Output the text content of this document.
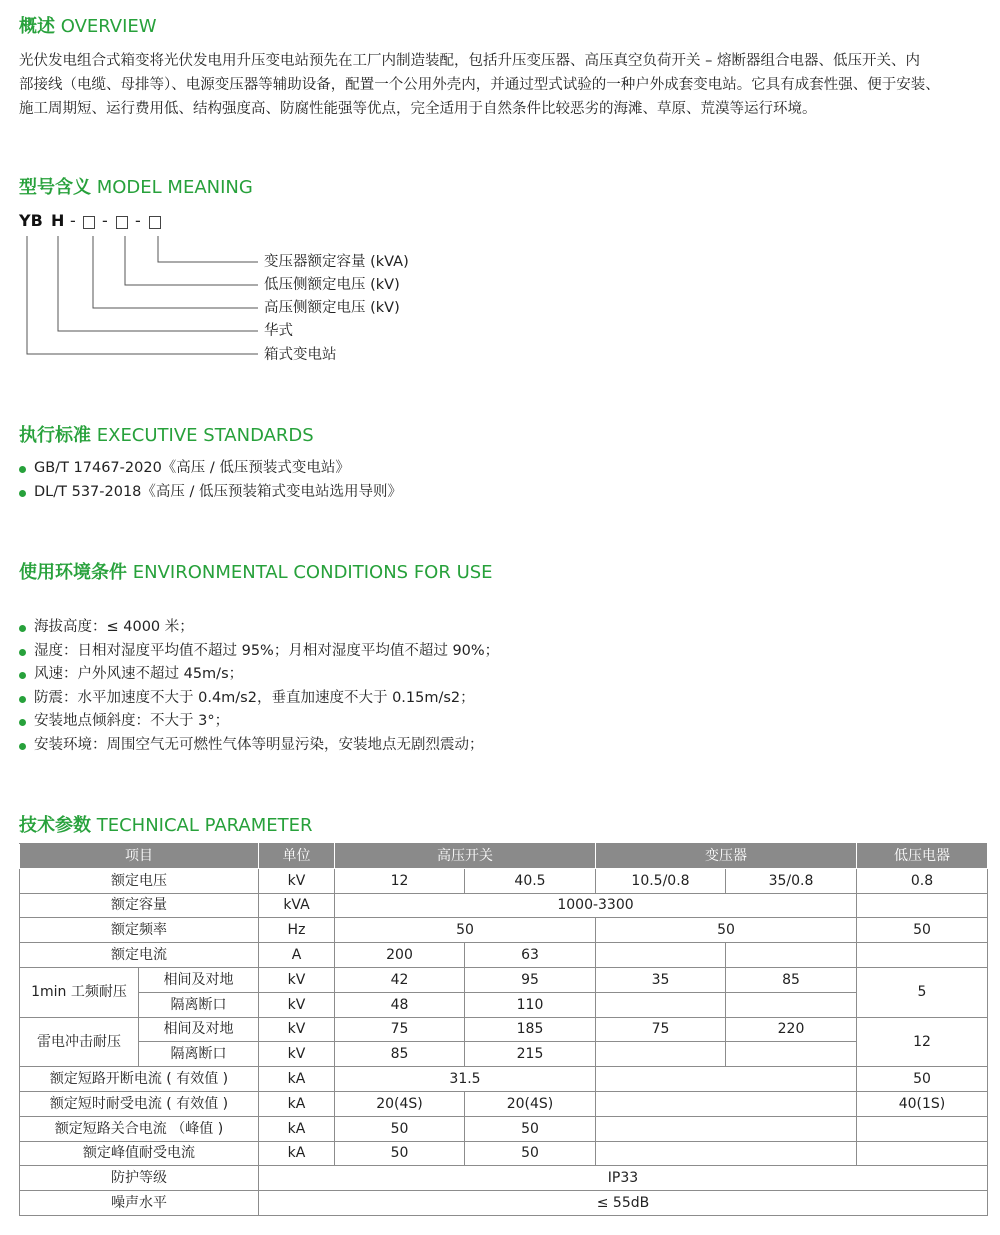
概述 OVERVIEW
光伏发电组合式箱变将光伏发电用升压变电站预先在工厂内制造装配，包括升压变压器、高压真空负荷开关 – 熔断器组合电器、低压开关、内
部接线（电缆、母排等）、电源变压器等辅助设备，配置一个公用外壳内，并通过型式试验的一种户外成套变电站。它具有成套性强、便于安装、
施工周期短、运行费用低、结构强度高、防腐性能强等优点，完全适用于自然条件比较恶劣的海滩、草原、荒漠等运行环境。
型号含义 MODEL MEANING
YB H - - -
变压器额定容量 (kVA)
低压侧额定电压 (kV)
高压侧额定电压 (kV)
华式
箱式变电站
执行标准 EXECUTIVE STANDARDS
GB/T 17467-2020《高压 / 低压预装式变电站》
DL/T 537-2018《高压 / 低压预装箱式变电站选用导则》
使用环境条件 ENVIRONMENTAL CONDITIONS FOR USE
海拔高度：≤ 4000 米；
湿度：日相对湿度平均值不超过 95%；月相对湿度平均值不超过 90%；
风速：户外风速不超过 45m/s；
防震：水平加速度不大于 0.4m/s2，垂直加速度不大于 0.15m/s2；
安装地点倾斜度：不大于 3°；
安装环境：周围空气无可燃性气体等明显污染，安装地点无剧烈震动；
技术参数 TECHNICAL PARAMETER
项目		单位	高压开关		变压器		低压电器
额定电压		kV	12	40.5	10.5/0.8	35/0.8	0.8
额定容量		kVA	1000-3300				
额定频率		Hz	50		50		50
额定电流		A	200	63			
1min 工频耐压	相间及对地	kV	42	95	35	85	5
	隔离断口	kV	48	110			
雷电冲击耐压	相间及对地	kV	75	185	75	220	12
	隔离断口	kV	85	215			
额定短路开断电流 ( 有效值 )		kA	31.5				50
额定短时耐受电流 ( 有效值 )		kA	20(4S)	20(4S)			40(1S)
额定短路关合电流 （峰值 )		kA	50	50			
额定峰值耐受电流		kA	50	50			
防护等级		IP33					
噪声水平		≤ 55dB					
